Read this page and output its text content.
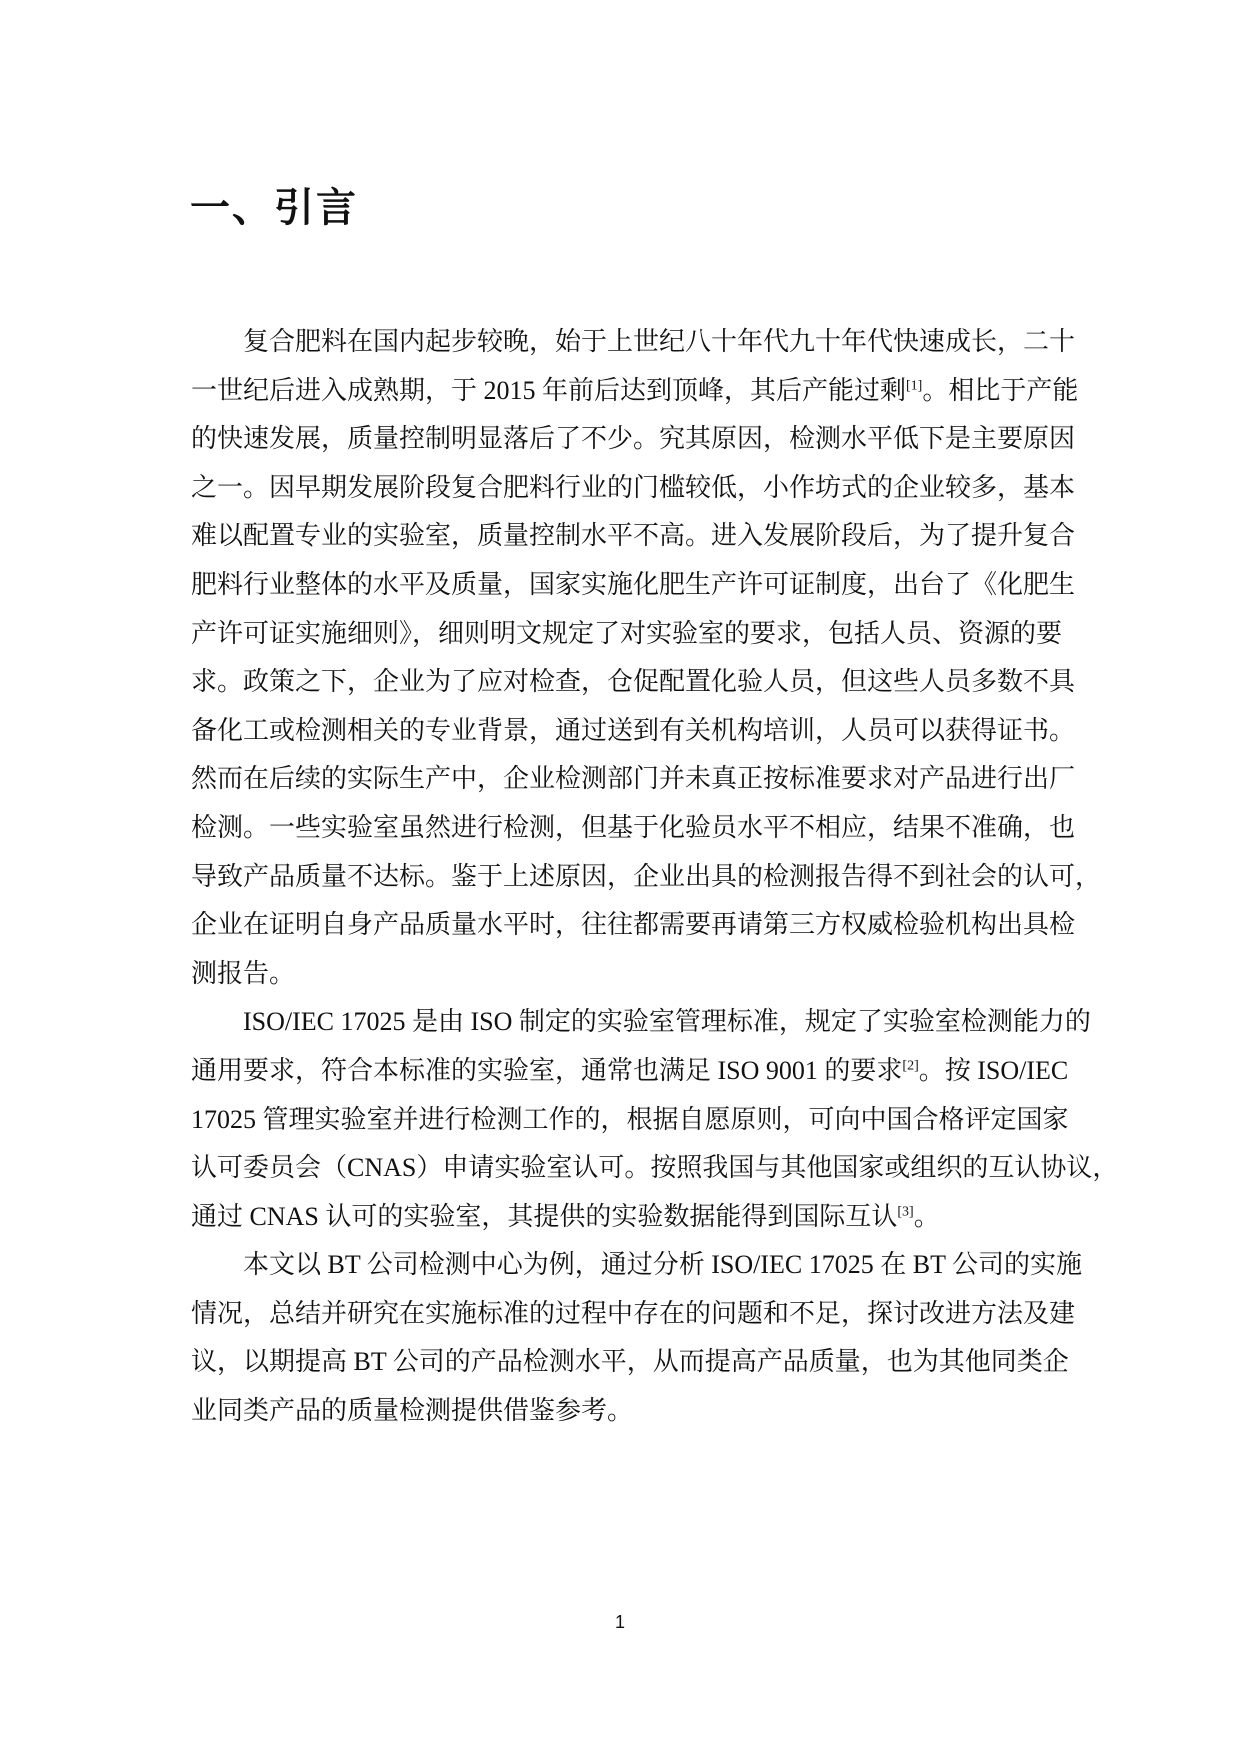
一、引言
复合肥料在国内起步较晚，始于上世纪八十年代九十年代快速成长，二十
一世纪后进入成熟期，于 2015 年前后达到顶峰，其后产能过剩[1]。相比于产能
的快速发展，质量控制明显落后了不少。究其原因，检测水平低下是主要原因
之一。因早期发展阶段复合肥料行业的门槛较低，小作坊式的企业较多，基本
难以配置专业的实验室，质量控制水平不高。进入发展阶段后，为了提升复合
肥料行业整体的水平及质量，国家实施化肥生产许可证制度，出台了《化肥生
产许可证实施细则》，细则明文规定了对实验室的要求，包括人员、资源的要
求。政策之下，企业为了应对检查，仓促配置化验人员，但这些人员多数不具
备化工或检测相关的专业背景，通过送到有关机构培训，人员可以获得证书。
然而在后续的实际生产中，企业检测部门并未真正按标准要求对产品进行出厂
检测。一些实验室虽然进行检测，但基于化验员水平不相应，结果不准确，也
导致产品质量不达标。鉴于上述原因，企业出具的检测报告得不到社会的认可，
企业在证明自身产品质量水平时，往往都需要再请第三方权威检验机构出具检
测报告。
ISO/IEC 17025 是由 ISO 制定的实验室管理标准，规定了实验室检测能力的
通用要求，符合本标准的实验室，通常也满足 ISO 9001 的要求[2]。按 ISO/IEC
17025 管理实验室并进行检测工作的，根据自愿原则，可向中国合格评定国家
认可委员会（CNAS）申请实验室认可。按照我国与其他国家或组织的互认协议，
通过 CNAS 认可的实验室，其提供的实验数据能得到国际互认[3]。
本文以 BT 公司检测中心为例，通过分析 ISO/IEC 17025 在 BT 公司的实施
情况，总结并研究在实施标准的过程中存在的问题和不足，探讨改进方法及建
议，以期提高 BT 公司的产品检测水平，从而提高产品质量，也为其他同类企
业同类产品的质量检测提供借鉴参考。
1
